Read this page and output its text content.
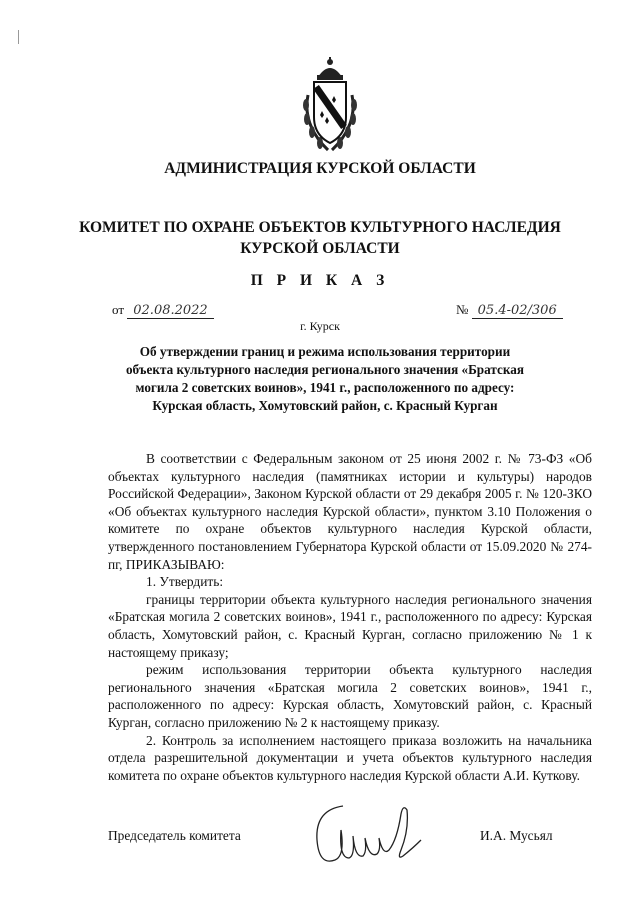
АДМИНИСТРАЦИЯ КУРСКОЙ ОБЛАСТИ
КОМИТЕТ ПО ОХРАНЕ ОБЪЕКТОВ КУЛЬТУРНОГО НАСЛЕДИЯ
КУРСКОЙ ОБЛАСТИ
П Р И К А З
от 02.08.2022	№ 05.4-02/306
г. Курск
Об утверждении границ и режима использования территории
объекта культурного наследия регионального значения «Братская
могила 2 советских воинов», 1941 г., расположенного по адресу:
Курская область, Хомутовский район, с. Красный Курган

В соответствии с Федеральным законом от 25 июня 2002 г. № 73-ФЗ «Об объектах культурного наследия (памятниках истории и культуры) народов Российской Федерации», Законом Курской области от 29 декабря 2005 г. № 120-ЗКО «Об объектах культурного наследия Курской области», пунктом 3.10 Положения о комитете по охране объектов культурного наследия Курской области, утвержденного постановлением Губернатора Курской области от 15.09.2020 № 274-пг, ПРИКАЗЫВАЮ:

1. Утвердить:

границы территории объекта культурного наследия регионального значения «Братская могила 2 советских воинов», 1941 г., расположенного по адресу: Курская область, Хомутовский район, с. Красный Курган, согласно приложению № 1 к настоящему приказу;

режим использования территории объекта культурного наследия регионального значения «Братская могила 2 советских воинов», 1941 г., расположенного по адресу: Курская область, Хомутовский район, с. Красный Курган, согласно приложению № 2 к настоящему приказу.

2. Контроль за исполнением настоящего приказа возложить на начальника отдела разрешительной документации и учета объектов культурного наследия комитета по охране объектов культурного наследия Курской области А.И. Куткову.

Председатель комитета	И.А. Мусьял
